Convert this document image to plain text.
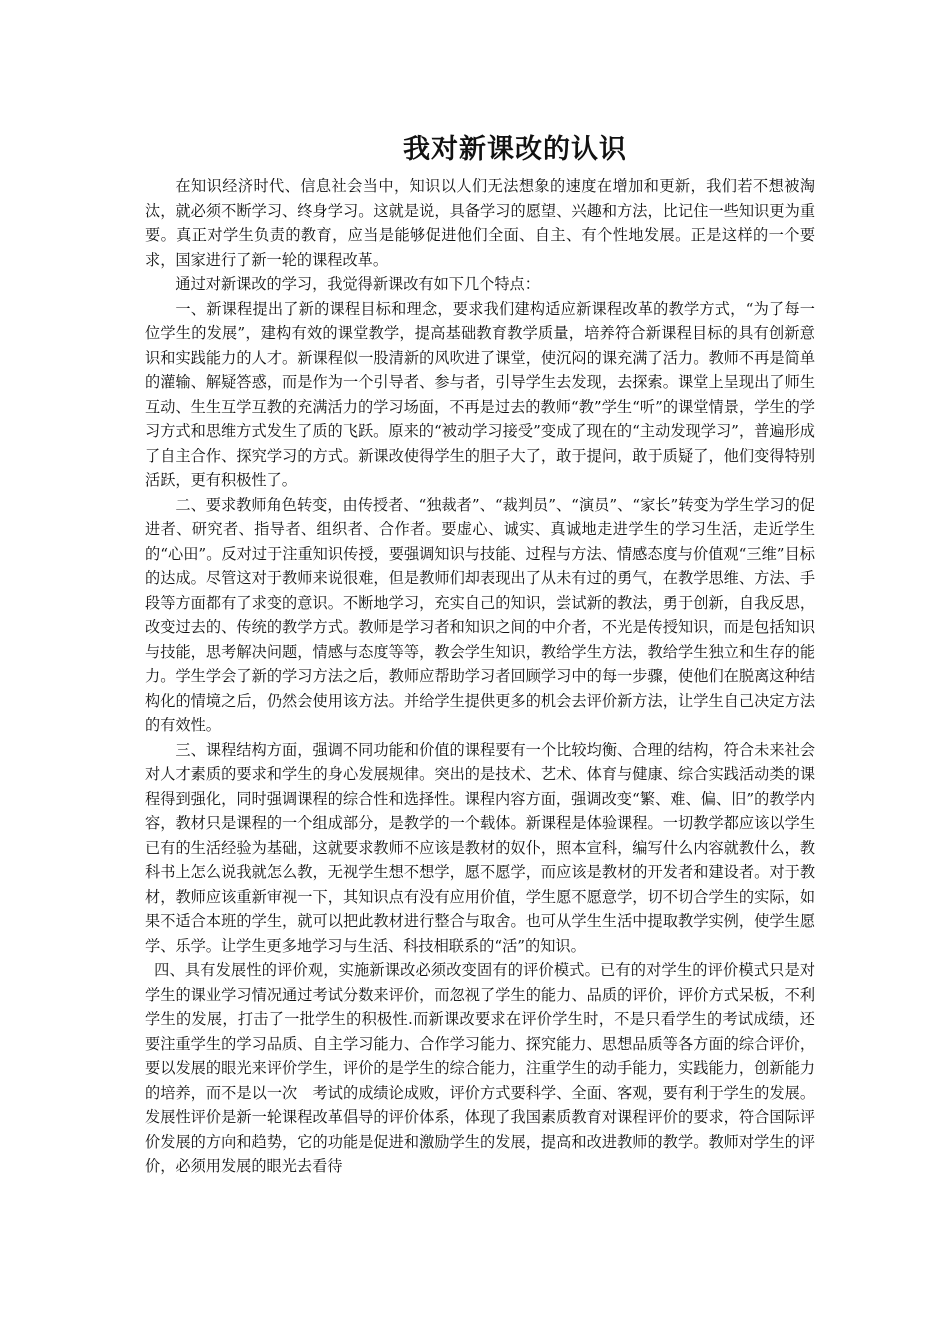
我对新课改的认识

在知识经济时代、信息社会当中，知识以人们无法想象的速度在增加和更新，我们若不想被淘汰，就必须不断学习、终身学习。这就是说，具备学习的愿望、兴趣和方法，比记住一些知识更为重要。真正对学生负责的教育，应当是能够促进他们全面、自主、有个性地发展。正是这样的一个要求，国家进行了新一轮的课程改革。

通过对新课改的学习，我觉得新课改有如下几个特点：

一、新课程提出了新的课程目标和理念，要求我们建构适应新课程改革的教学方式，“为了每一位学生的发展”，建构有效的课堂教学，提高基础教育教学质量，培养符合新课程目标的具有创新意识和实践能力的人才。新课程似一股清新的风吹进了课堂，使沉闷的课充满了活力。教师不再是简单的灌输、解疑答惑，而是作为一个引导者、参与者，引导学生去发现，去探索。课堂上呈现出了师生互动、生生互学互教的充满活力的学习场面，不再是过去的教师“教”学生“听”的课堂情景，学生的学习方式和思维方式发生了质的飞跃。原来的“被动学习接受”变成了现在的“主动发现学习”，普遍形成了自主合作、探究学习的方式。新课改使得学生的胆子大了，敢于提问，敢于质疑了，他们变得特别活跃，更有积极性了。

二、要求教师角色转变，由传授者、“独裁者”、“裁判员”、“演员”、“家长”转变为学生学习的促进者、研究者、指导者、组织者、合作者。要虚心、诚实、真诚地走进学生的学习生活，走近学生的“心田”。反对过于注重知识传授，要强调知识与技能、过程与方法、情感态度与价值观“三维”目标的达成。尽管这对于教师来说很难，但是教师们却表现出了从未有过的勇气，在教学思维、方法、手段等方面都有了求变的意识。不断地学习，充实自己的知识，尝试新的教法，勇于创新，自我反思，改变过去的、传统的教学方式。教师是学习者和知识之间的中介者，不光是传授知识，而是包括知识与技能，思考解决问题，情感与态度等等，教会学生知识，教给学生方法，教给学生独立和生存的能力。学生学会了新的学习方法之后，教师应帮助学习者回顾学习中的每一步骤，使他们在脱离这种结构化的情境之后，仍然会使用该方法。并给学生提供更多的机会去评价新方法，让学生自己决定方法的有效性。

三、课程结构方面，强调不同功能和价值的课程要有一个比较均衡、合理的结构，符合未来社会对人才素质的要求和学生的身心发展规律。突出的是技术、艺术、体育与健康、综合实践活动类的课程得到强化，同时强调课程的综合性和选择性。课程内容方面，强调改变“繁、难、偏、旧”的教学内容，教材只是课程的一个组成部分，是教学的一个载体。新课程是体验课程。一切教学都应该以学生已有的生活经验为基础，这就要求教师不应该是教材的奴仆，照本宣科，编写什么内容就教什么，教科书上怎么说我就怎么教，无视学生想不想学，愿不愿学，而应该是教材的开发者和建设者。对于教材，教师应该重新审视一下，其知识点有没有应用价值，学生愿不愿意学，切不切合学生的实际，如果不适合本班的学生，就可以把此教材进行整合与取舍。也可从学生生活中提取教学实例，使学生愿学、乐学。让学生更多地学习与生活、科技相联系的“活”的知识。

四、具有发展性的评价观，实施新课改必须改变固有的评价模式。已有的对学生的评价模式只是对学生的课业学习情况通过考试分数来评价，而忽视了学生的能力、品质的评价，评价方式呆板，不利学生的发展，打击了一批学生的积极性.而新课改要求在评价学生时，不是只看学生的考试成绩，还要注重学生的学习品质、自主学习能力、合作学习能力、探究能力、思想品质等各方面的综合评价，要以发展的眼光来评价学生，评价的是学生的综合能力，注重学生的动手能力，实践能力，创新能力的培养，而不是以一次　考试的成绩论成败，评价方式要科学、全面、客观，要有利于学生的发展。发展性评价是新一轮课程改革倡导的评价体系，体现了我国素质教育对课程评价的要求，符合国际评价发展的方向和趋势，它的功能是促进和激励学生的发展，提高和改进教师的教学。教师对学生的评价，必须用发展的眼光去看待
